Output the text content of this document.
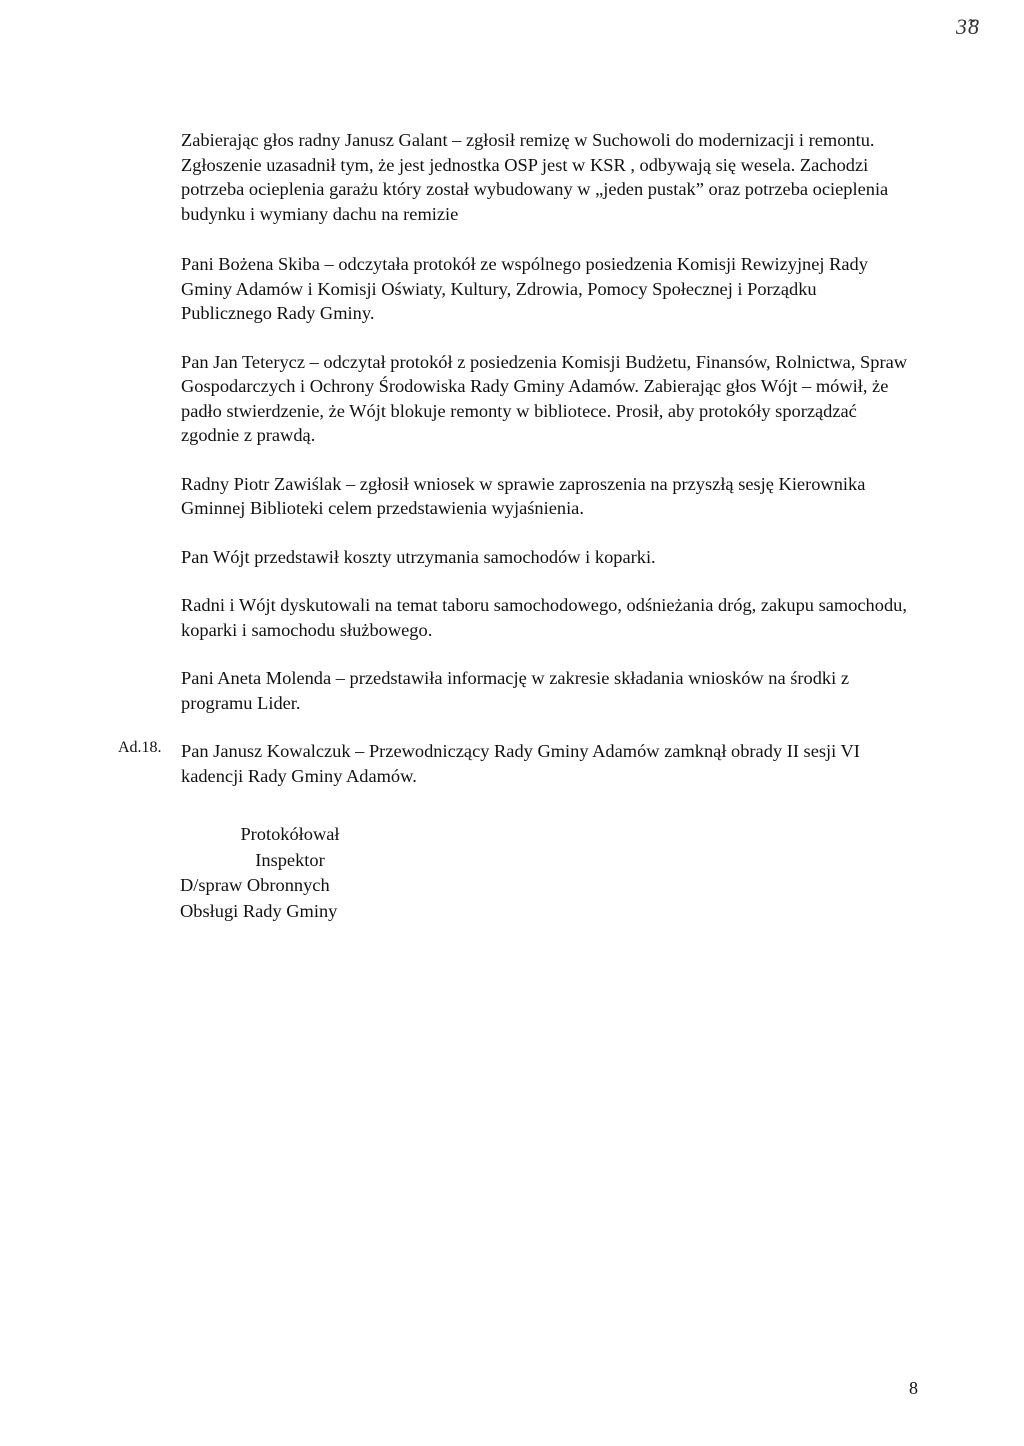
3̃8

Zabierając głos radny Janusz Galant – zgłosił remizę w Suchowoli do modernizacji i remontu. Zgłoszenie uzasadnił tym, że jest jednostka OSP jest w KSR , odbywają się wesela. Zachodzi potrzeba ocieplenia garażu który został wybudowany w „jeden pustak” oraz potrzeba ocieplenia budynku i wymiany dachu na remizie

Pani Bożena Skiba – odczytała protokół ze wspólnego posiedzenia Komisji Rewizyjnej Rady Gminy Adamów i Komisji Oświaty, Kultury, Zdrowia, Pomocy Społecznej i Porządku Publicznego Rady Gminy.

Pan Jan Teterycz – odczytał protokół z posiedzenia Komisji Budżetu, Finansów, Rolnictwa, Spraw Gospodarczych i Ochrony Środowiska Rady Gminy Adamów. Zabierając głos Wójt – mówił, że padło stwierdzenie, że Wójt blokuje remonty w bibliotece. Prosił, aby protokóły sporządzać zgodnie z prawdą.

Radny Piotr Zawiślak – zgłosił wniosek w sprawie zaproszenia na przyszłą sesję Kierownika Gminnej Biblioteki celem przedstawienia wyjaśnienia.

Pan Wójt przedstawił koszty utrzymania samochodów i koparki.

Radni i Wójt dyskutowali na temat taboru samochodowego, odśnieżania dróg, zakupu samochodu, koparki i samochodu służbowego.

Pani Aneta Molenda – przedstawiła informację w zakresie składania wniosków na środki z programu Lider.

Ad.18. Pan Janusz Kowalczuk – Przewodniczący Rady Gminy Adamów zamknął obrady II sesji VI kadencji Rady Gminy Adamów.

Protokółował
Inspektor
D/spraw Obronnych
Obsługi Rady Gminy
8
